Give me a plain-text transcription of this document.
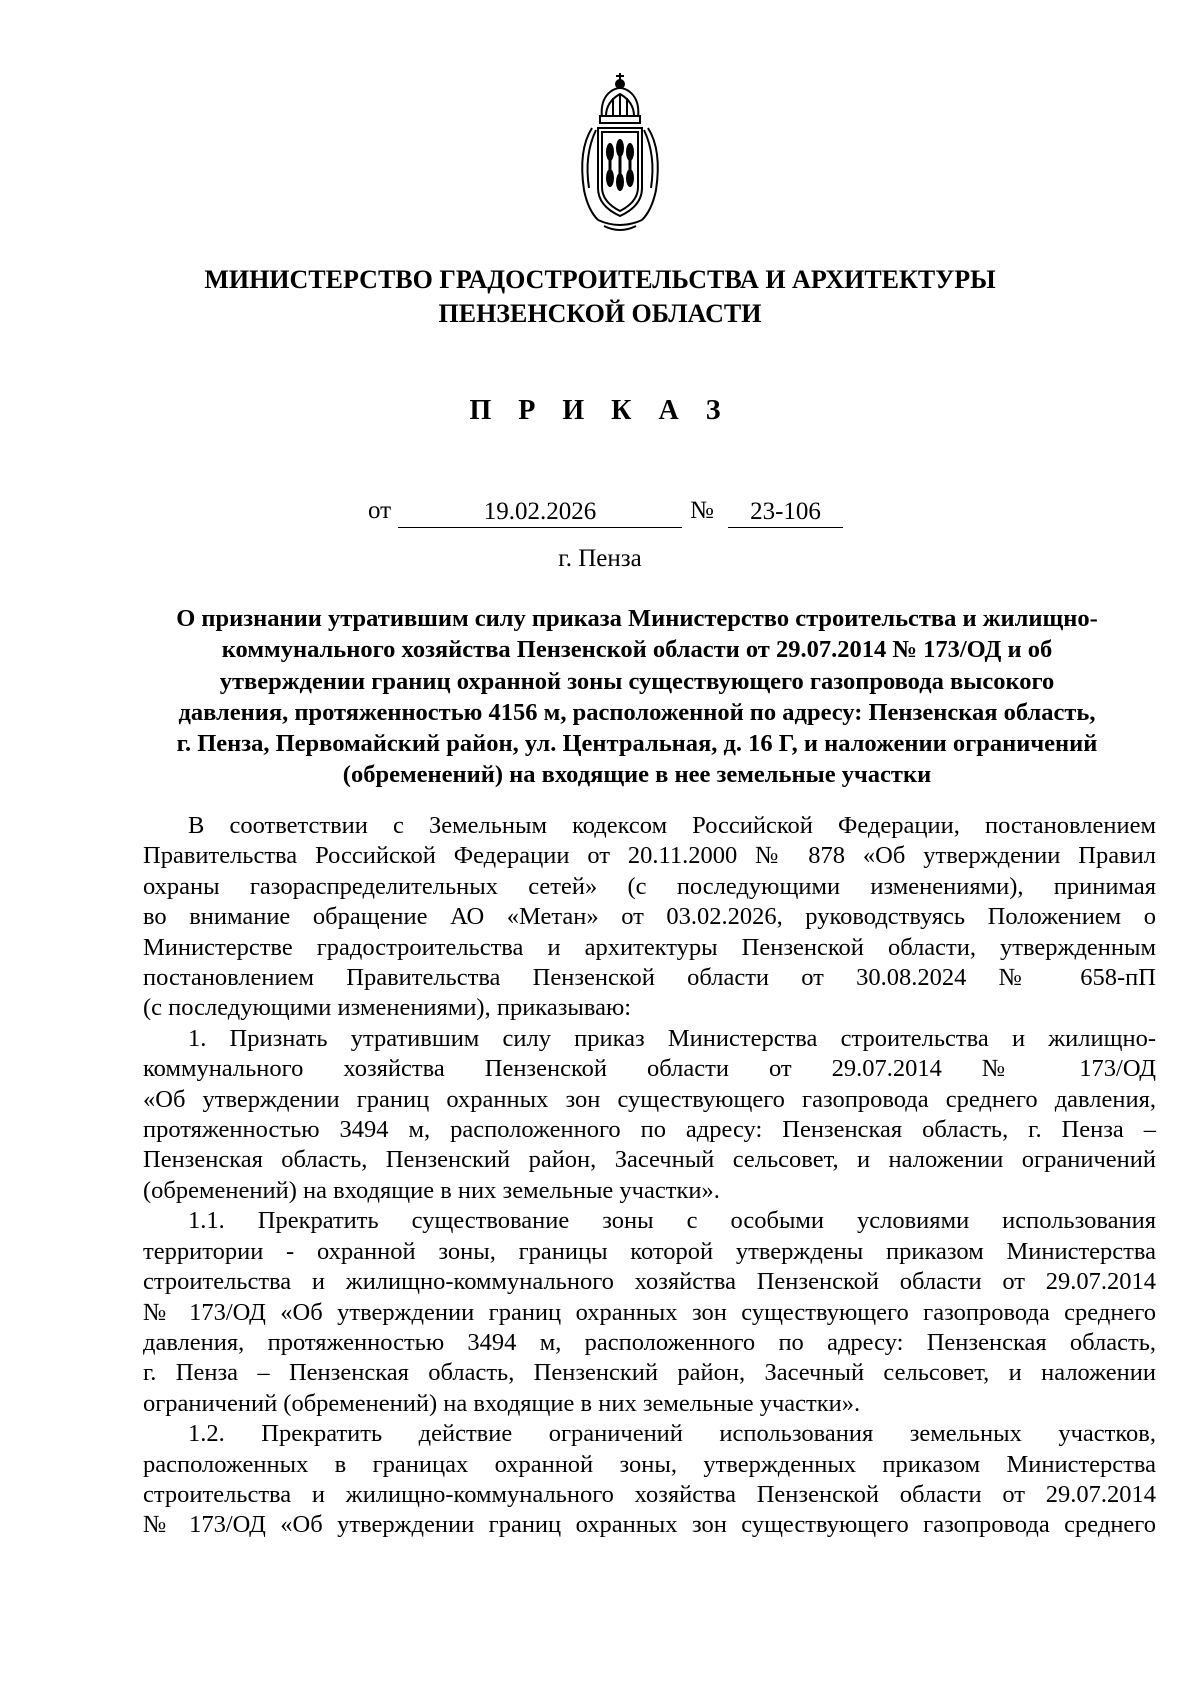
МИНИСТЕРСТВО ГРАДОСТРОИТЕЛЬСТВА И АРХИТЕКТУРЫ
ПЕНЗЕНСКОЙ ОБЛАСТИ
П Р И К А З
от	19.02.2026	№	23-106
г. Пенза
О признании утратившим силу приказа Министерство строительства и жилищно-
коммунального хозяйства Пензенской области от 29.07.2014 № 173/ОД и об
утверждении границ охранной зоны существующего газопровода высокого
давления, протяженностью 4156 м, расположенной по адресу: Пензенская область,
г. Пенза, Первомайский район, ул. Центральная, д. 16 Г, и наложении ограничений
(обременений) на входящие в нее земельные участки
В соответствии с Земельным кодексом Российской Федерации, постановлением
Правительства Российской Федерации от 20.11.2000 № 878 «Об утверждении Правил
охраны газораспределительных сетей» (с последующими изменениями), принимая
во внимание обращение АО «Метан» от 03.02.2026, руководствуясь Положением о
Министерстве градостроительства и архитектуры Пензенской области, утвержденным
постановлением Правительства Пензенской области от 30.08.2024 № 658-пП
(с последующими изменениями), приказываю:
1. Признать утратившим силу приказ Министерства строительства и жилищно-
коммунального хозяйства Пензенской области от 29.07.2014 № 173/ОД
«Об утверждении границ охранных зон существующего газопровода среднего давления,
протяженностью 3494 м, расположенного по адресу: Пензенская область, г. Пенза –
Пензенская область, Пензенский район, Засечный сельсовет, и наложении ограничений
(обременений) на входящие в них земельные участки».
1.1. Прекратить существование зоны с особыми условиями использования
территории - охранной зоны, границы которой утверждены приказом Министерства
строительства и жилищно-коммунального хозяйства Пензенской области от 29.07.2014
№ 173/ОД «Об утверждении границ охранных зон существующего газопровода среднего
давления, протяженностью 3494 м, расположенного по адресу: Пензенская область,
г. Пенза – Пензенская область, Пензенский район, Засечный сельсовет, и наложении
ограничений (обременений) на входящие в них земельные участки».
1.2. Прекратить действие ограничений использования земельных участков,
расположенных в границах охранной зоны, утвержденных приказом Министерства
строительства и жилищно-коммунального хозяйства Пензенской области от 29.07.2014
№ 173/ОД «Об утверждении границ охранных зон существующего газопровода среднего
